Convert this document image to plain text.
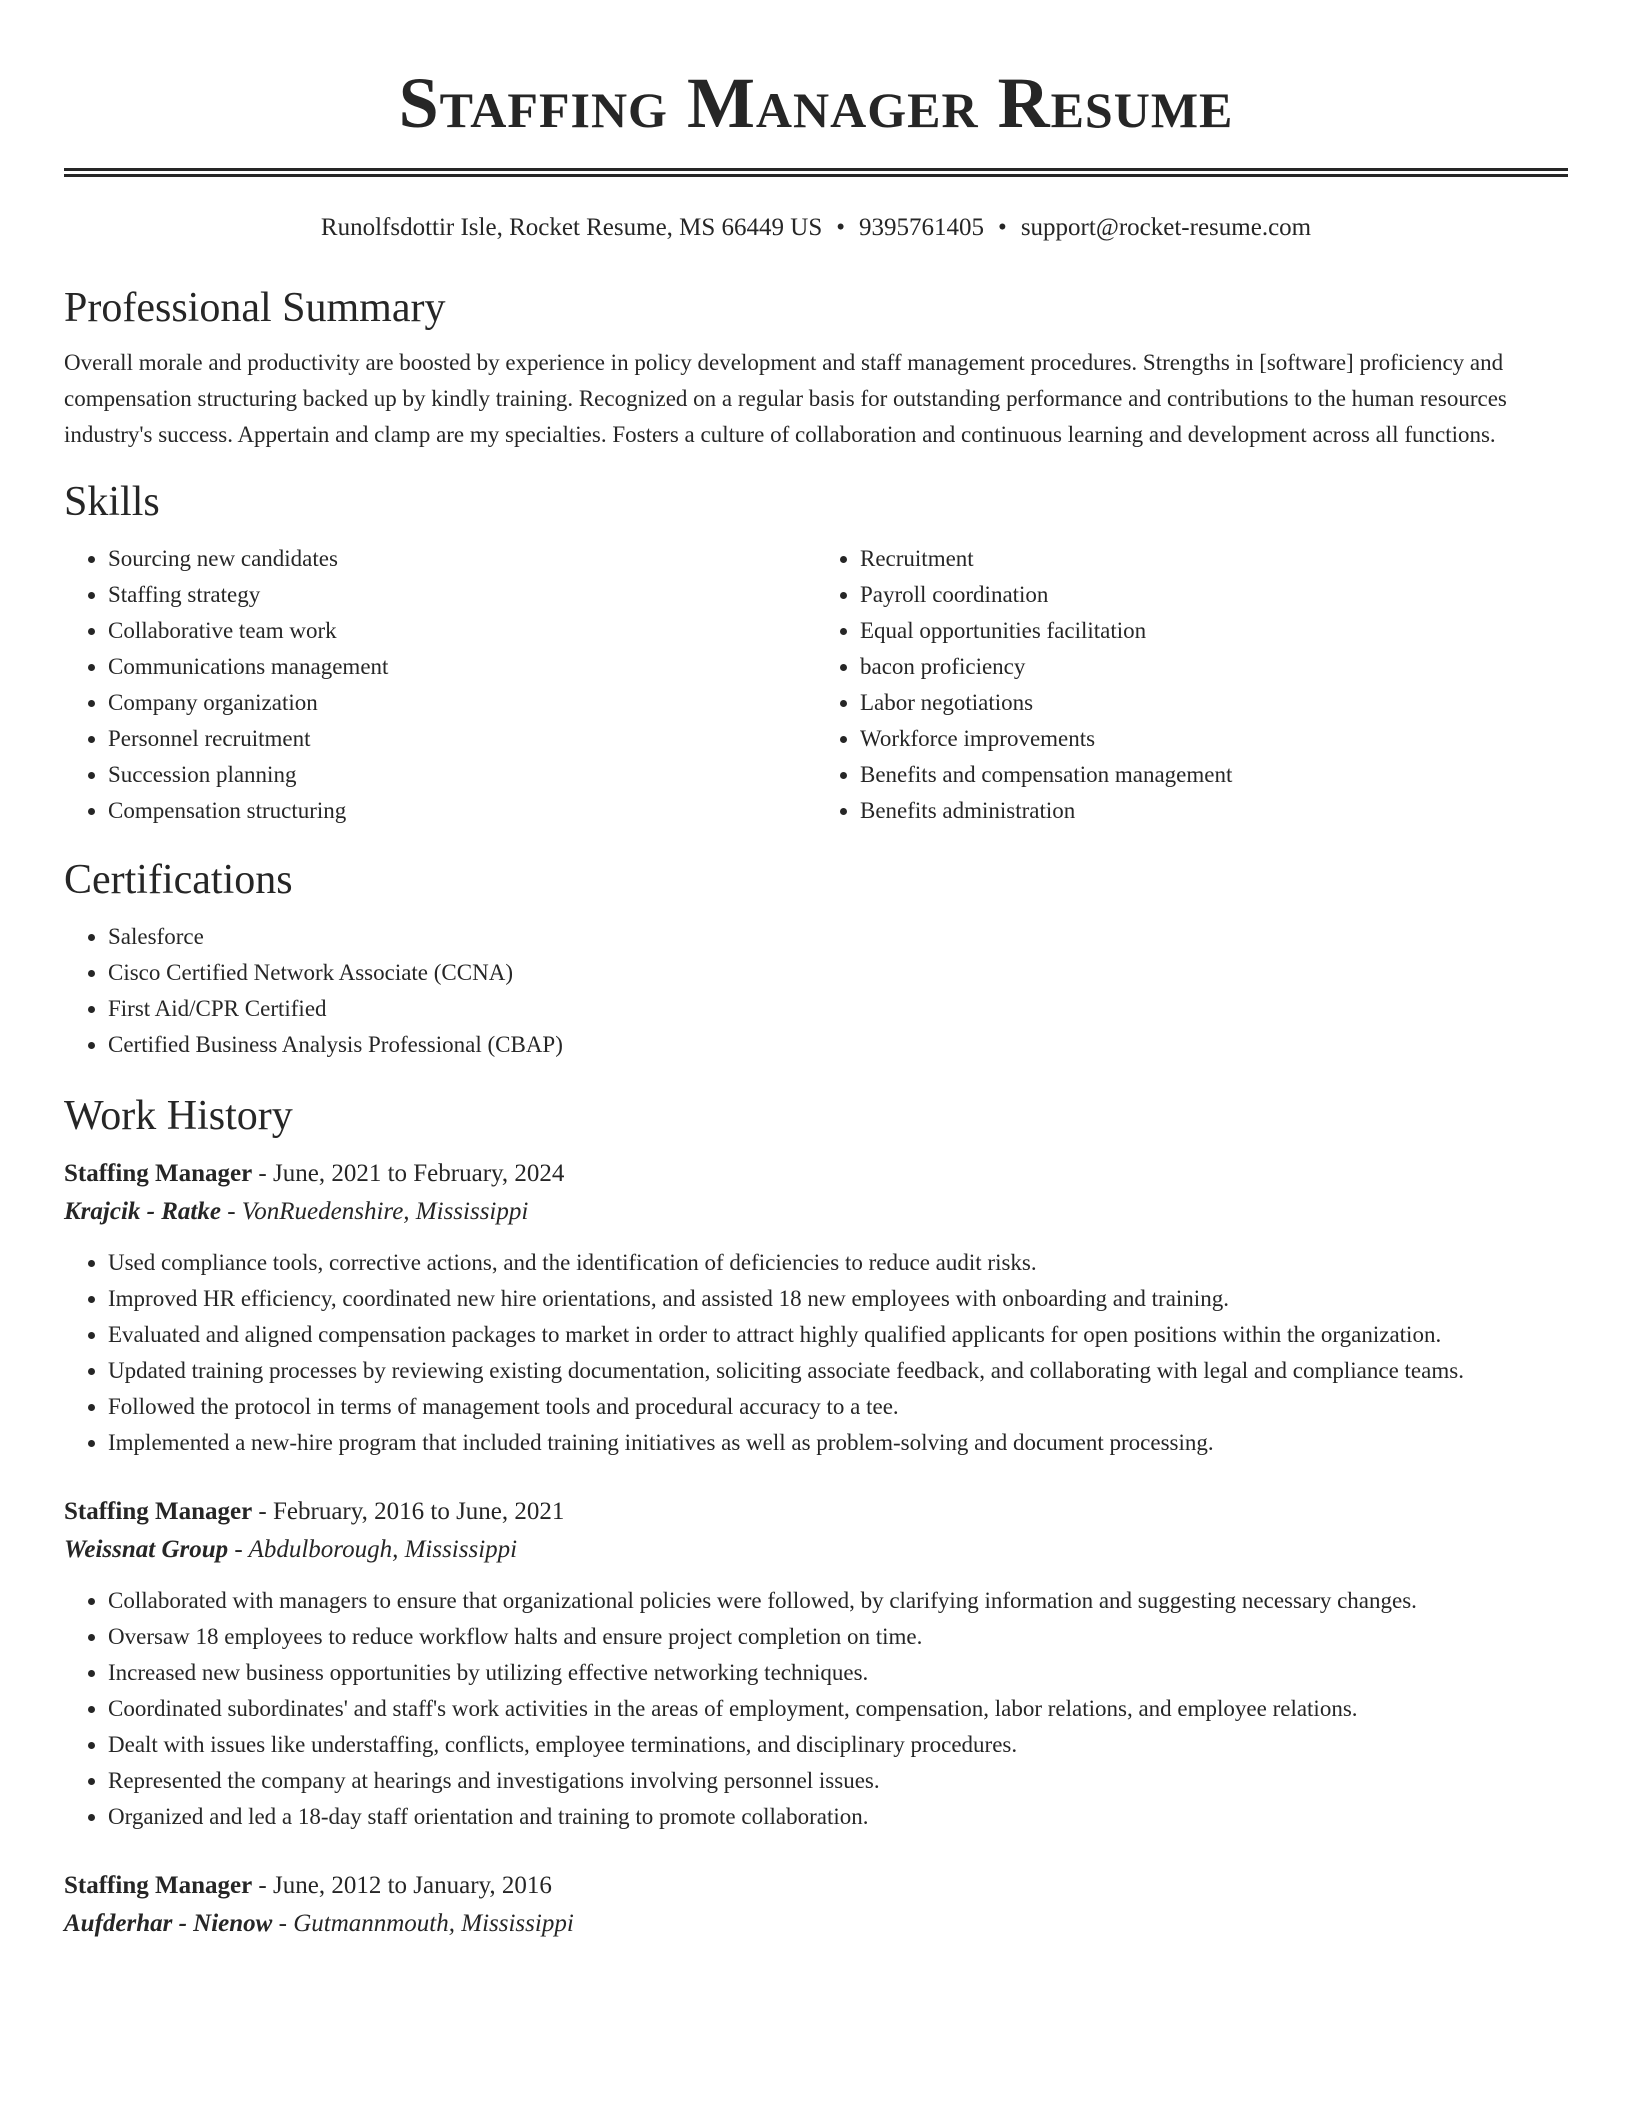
Staffing Manager Resume
Runolfsdottir Isle, Rocket Resume, MS 66449 US • 9395761405 • support@rocket-resume.com
Professional Summary

Overall morale and productivity are boosted by experience in policy development and staff management procedures. Strengths in [software] proficiency and compensation structuring backed up by kindly training. Recognized on a regular basis for outstanding performance and contributions to the human resources industry's success. Appertain and clamp are my specialties. Fosters a culture of collaboration and continuous learning and development across all functions.

Skills
• Sourcing new candidates
• Staffing strategy
• Collaborative team work
• Communications management
• Company organization
• Personnel recruitment
• Succession planning
• Compensation structuring
• Recruitment
• Payroll coordination
• Equal opportunities facilitation
• bacon proficiency
• Labor negotiations
• Workforce improvements
• Benefits and compensation management
• Benefits administration
Certifications
• Salesforce
• Cisco Certified Network Associate (CCNA)
• First Aid/CPR Certified
• Certified Business Analysis Professional (CBAP)
Work History
Staffing Manager - June, 2021 to February, 2024
Krajcik - Ratke - VonRuedenshire, Mississippi
• Used compliance tools, corrective actions, and the identification of deficiencies to reduce audit risks.
• Improved HR efficiency, coordinated new hire orientations, and assisted 18 new employees with onboarding and training.
• Evaluated and aligned compensation packages to market in order to attract highly qualified applicants for open positions within the organization.
• Updated training processes by reviewing existing documentation, soliciting associate feedback, and collaborating with legal and compliance teams.
• Followed the protocol in terms of management tools and procedural accuracy to a tee.
• Implemented a new-hire program that included training initiatives as well as problem-solving and document processing.
Staffing Manager - February, 2016 to June, 2021
Weissnat Group - Abdulborough, Mississippi
• Collaborated with managers to ensure that organizational policies were followed, by clarifying information and suggesting necessary changes.
• Oversaw 18 employees to reduce workflow halts and ensure project completion on time.
• Increased new business opportunities by utilizing effective networking techniques.
• Coordinated subordinates' and staff's work activities in the areas of employment, compensation, labor relations, and employee relations.
• Dealt with issues like understaffing, conflicts, employee terminations, and disciplinary procedures.
• Represented the company at hearings and investigations involving personnel issues.
• Organized and led a 18-day staff orientation and training to promote collaboration.
Staffing Manager - June, 2012 to January, 2016
Aufderhar - Nienow - Gutmannmouth, Mississippi
